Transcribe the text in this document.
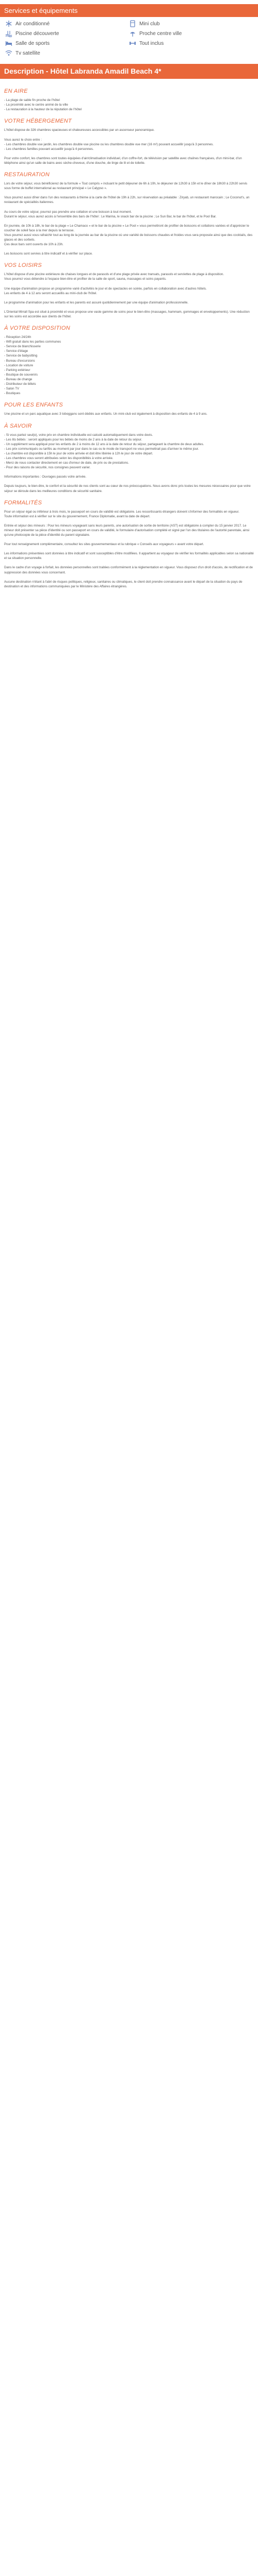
Services et équipements
Air conditionné	Mini club
Piscine découverte	Proche centre ville
Salle de sports	Tout inclus
Tv satellite
Description - Hôtel Labranda Amadil Beach 4*
EN AIRE

- La plage de sable fin proche de l'hôtel
- La proximité avec le centre animé de la ville
- La restauration à la hauteur de la réputation de l'hôtel

VOTRE HÉBERGEMENT

L'hôtel dispose de 326 chambres spacieuses et chaleureuses accessibles par un ascenseur panoramique.

Vous aurez le choix entre :
- Les chambres double vue jardin, les chambres double vue piscine ou les chambres double vue mer (16 m²) pouvant accueillir jusqu'à 3 personnes.
- Les chambres familles pouvant accueillir jusqu'à 4 personnes.

Pour votre confort, les chambres sont toutes équipées d'air/climatisation individuel, d'un coffre-fort, de télévision par satellite avec chaînes françaises, d'un mini-bar, d'un téléphone ainsi qu'un salle de bains avec sèche-cheveux, d'une douche, de linge de lit et de toilette.

RESTAURATION

Lors de votre séjour, vous bénéficierez de la formule « Tout compris » incluant le petit déjeuner de 6h à 10h, le déjeuner de 12h30 à 15h et le dîner de 18h30 à 22h30 servis sous forme de buffet international au restaurant principal « Le Calypso ».

Vous pourrez aussi dîner dans l'un des restaurants à thème à la carte de l'hôtel de 19h à 22h, sur réservation au préalable : Ziryab, un restaurant marocain ; Le Coconut's, un restaurant de spécialités italiennes.

Au cours de votre séjour, pourrez pas prendre une collation et une boisson à tout moment.
Durant le séjour, vous aurez accès à l'ensemble des bars de l'hôtel : Le Marina, le snack bar de la piscine ; Le Sun Bar, le bar de l'hôtel, et le Pool Bar.

En journée, de 10h à 18h, le bar de la plage « Le Chamaco » et le bar de la piscine « Le Pool » vous permettront de profiter de boissons et collations variées et d'apprécier le coucher de soleil face à la mer depuis la terrasse.
Vous pourrez aussi vous rafraichir tout au long de la journée au bar de la piscine où une variété de boissons chaudes et froides vous sera proposée ainsi que des cocktails, des glaces et des sorbets.
Ces deux bars sont ouverts de 10h à 23h.

Les boissons sont servies à titre indicatif et à vérifier sur place.

VOS LOISIRS

L'hôtel dispose d'une piscine extérieure de chaises longues et de parasols et d'une plage privée avec transats, parasols et serviettes de plage à disposition.
Vous pourrez vous détendre à l'espace bien-être et profiter de la salle de sport, sauna, massages et soins payants.

Une équipe d'animation propose un programme varié d'activités le jour et de spectacles en soirée, parfois en collaboration avec d'autres hôtels.
Les enfants de 4 à 12 ans seront accueillis au mini-club de l'hôtel.

Le programme d'animation pour les enfants et les parents est assuré quotidiennement par une équipe d'animation professionnelle.

L'Oriental Mirrall Spa est situé à proximité et vous propose une vaste gamme de soins pour le bien-être (massages, hammam, gommages et enveloppements). Une réduction sur les soins est accordée aux clients de l'hôtel.

À VOTRE DISPOSITION

- Réception 24/24h
- Wifi gratuit dans les parties communes
- Service de blanchisserie
- Service d'étage
- Service de babysitting
- Bureau d'excursions
- Location de voiture
- Parking extérieur
- Boutique de souvenirs
- Bureau de change
- Distributeur de billets
- Salon TV
- Boutiques

POUR LES ENFANTS

Une piscine et un parc aquatique avec 3 toboggans sont dédiés aux enfants. Un mini-club est également à disposition des enfants de 4 à 9 ans.

À SAVOIR

- Si vous partez seul(e), votre prix en chambre individuelle est calculé automatiquement dans votre devis.
- Les lits bébés : seront appliqués pour les bébés de moins de 2 ans à la date de retour du séjour.
- Un supplément sera appliqué pour les enfants de 2 à moins de 12 ans à la date de retour du séjour, partageant la chambre de deux adultes.
- Les prix communiqués ou tarifés au moment par jour dans le cas ou le mode de transport ne vous permettrait pas d'arriver le même jour.
- La chambre est disponible à 15h le jour de votre arrivée et doit être libérée à 12h le jour de votre départ.
- Les chambres vous seront attribuées selon les disponibilités à votre arrivée.
- Merci de nous contacter directement en cas d'erreur de date, de prix ou de prestations.
- Pour des raisons de sécurité, nos consignes peuvent varier.

Informations importantes : Ouvrages passés votre arrivée.

Depuis toujours, le bien-être, le confort et la sécurité de nos clients sont au cœur de nos préoccupations. Nous avons donc pris toutes les mesures nécessaires pour que votre séjour se déroule dans les meilleures conditions de sécurité sanitaire.

FORMALITÉS

Pour un séjour égal ou inférieur à trois mois, le passeport en cours de validité est obligatoire. Les ressortissants étrangers doivent s'informer des formalités en vigueur.
Toute information est à vérifier sur le site du gouvernement, France Diplomatie, avant la date de départ.

Entrée et séjour des mineurs : Pour les mineurs voyageant sans leurs parents, une autorisation de sortie de territoire (AST) est obligatoire à compter du 15 janvier 2017. Le mineur doit présenter sa pièce d'identité ou son passeport en cours de validité, le formulaire d'autorisation complété et signé par l'un des titulaires de l'autorité parentale, ainsi qu'une photocopie de la pièce d'identité du parent signataire.

Pour tout renseignement complémentaire, consultez les sites gouvernementaux et la rubrique « Conseils aux voyageurs » avant votre départ.

Les informations présentées sont données à titre indicatif et sont susceptibles d'être modifiées. Il appartient au voyageur de vérifier les formalités applicables selon sa nationalité et sa situation personnelle.

Dans le cadre d'un voyage à forfait, les données personnelles sont traitées conformément à la réglementation en vigueur. Vous disposez d'un droit d'accès, de rectification et de suppression des données vous concernant.

Aucune destination n'étant à l'abri de risques politiques, religieux, sanitaires ou climatiques, le client doit prendre connaissance avant le départ de la situation du pays de destination et des informations communiquées par le Ministère des Affaires étrangères.
